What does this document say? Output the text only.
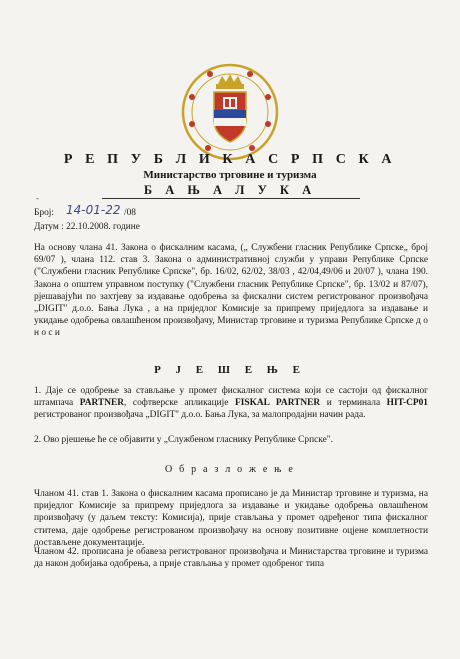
Р Е П У Б Л И К А С Р П С К А
Министарство трговине и туризма
Б А Њ А Л У К А
-
Број: 14-01-22 /08
Датум : 22.10.2008. године
На основу члана 41. Закона о фискалним касама, („ Службени гласник Републике Српске„ број 69/07 ), члана 112. став 3. Закона о административној служби у управи Републике Српске ("Службени гласник Републике Српске", бр. 16/02, 62/02, 38/03 , 42/04,49/06 и 20/07 ), члана 190. Закона о општем управном поступку ("Службени гласник Републике Српске", бр. 13/02 и 87/07), рјешавајући по захтјеву за издавање одобрења за фискални систем регистрованог произвођача „DIGIT" д.о.о. Бања Лука , а на приједлог Комисије за припрему приједлога за издавање и укидање одобрења овлашћеном произвођачу, Министар трговине и туризма Републике Српске д о н о с и
Р Ј Е Ш Е Њ Е
1. Даје се одобрење за стављање у промет фискалног система који се састоји од фискалног штампача PARTNER, софтверске апликације FISKAL PARTNER и терминала HIT-CP01 регистрованог произвођача „DIGIT" д.о.о. Бања Лука, за малопродајни начин рада.
2. Ово рјешење ће се објавити у „Службеном гласнику Републике Српске".
О б р а з л о ж е њ е
Чланом 41. став 1. Закона о фискалним касама прописано је да Министар трговине и туризма, на приједлог Комисије за припрему приједлога за издавање и укидање одобрења овлашћеном произвођачу (у даљем тексту: Комисија), прије стављања у промет одређеног типа фискалног ститема, даје одобрење регистрованом произвођачу на основу позитивне оцјене комплетности достављене документације.
Чланом 42. прописана је обавеза регистрованог произвођача и Министарства трговине и туризма да након добијања одобрења, а прије стављања у промет одобреног типа
